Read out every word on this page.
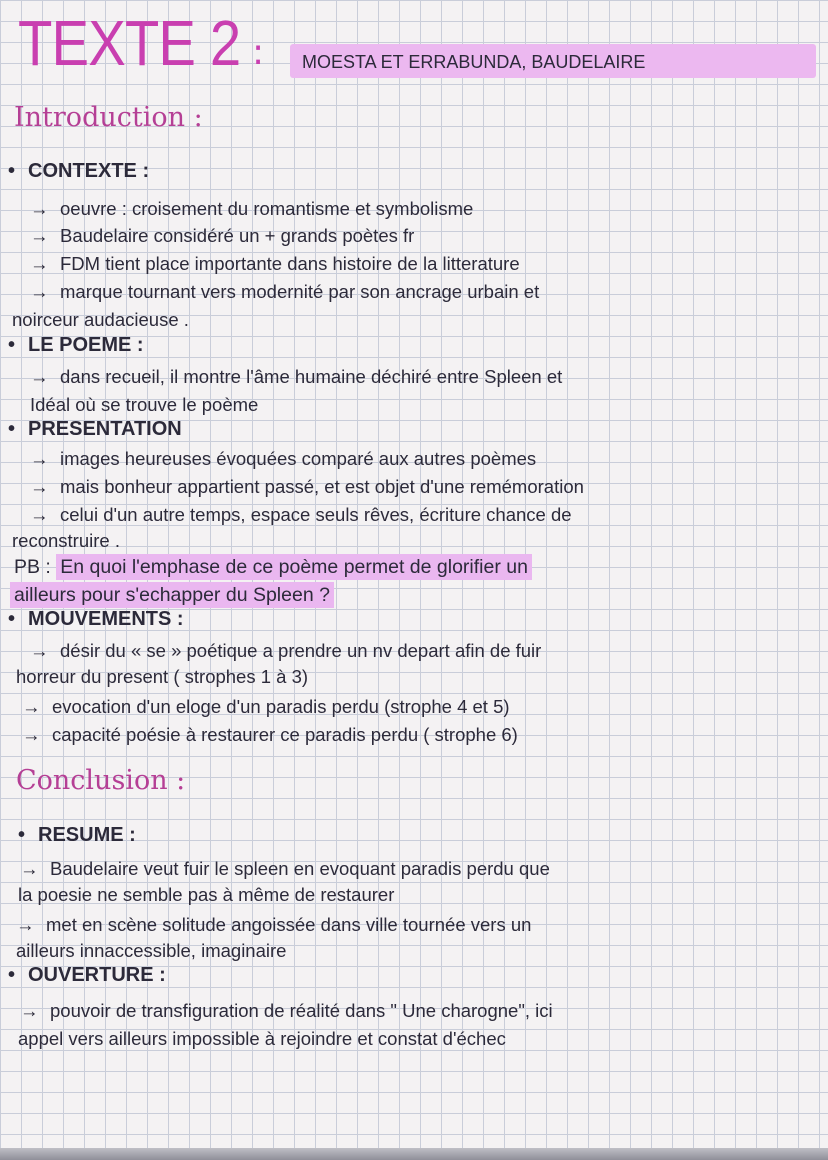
TEXTE 2 : MOESTA ET ERRABUNDA, BAUDELAIRE
Introduction :
• CONTEXTE :
→ oeuvre : croisement du romantisme et symbolisme
→ Baudelaire considéré un + grands poètes fr
→ FDM tient place importante dans histoire de la litterature
→ marque tournant vers modernité par son ancrage urbain et
noirceur audacieuse .
• LE POEME :
→ dans recueil, il montre l'âme humaine déchiré entre Spleen et
Idéal où se trouve le poème
• PRESENTATION
→ images heureuses évoquées comparé aux autres poèmes
→ mais bonheur appartient passé, et est objet d'une remémoration
→ celui d'un autre temps, espace seuls rêves, écriture chance de
reconstruire .
PB : En quoi l'emphase de ce poème permet de glorifier un
ailleurs pour s'echapper du Spleen ?
• MOUVEMENTS :
→ désir du « se » poétique a prendre un nv depart afin de fuir
horreur du present ( strophes 1 à 3)
→ evocation d'un eloge d'un paradis perdu (strophe 4 et 5)
→ capacité poésie à restaurer ce paradis perdu ( strophe 6)
Conclusion :
• RESUME :
→ Baudelaire veut fuir le spleen en evoquant paradis perdu que
la poesie ne semble pas à même de restaurer
→ met en scène solitude angoissée dans ville tournée vers un
ailleurs innaccessible, imaginaire
• OUVERTURE :
→ pouvoir de transfiguration de réalité dans " Une charogne", ici
appel vers ailleurs impossible à rejoindre et constat d'échec
